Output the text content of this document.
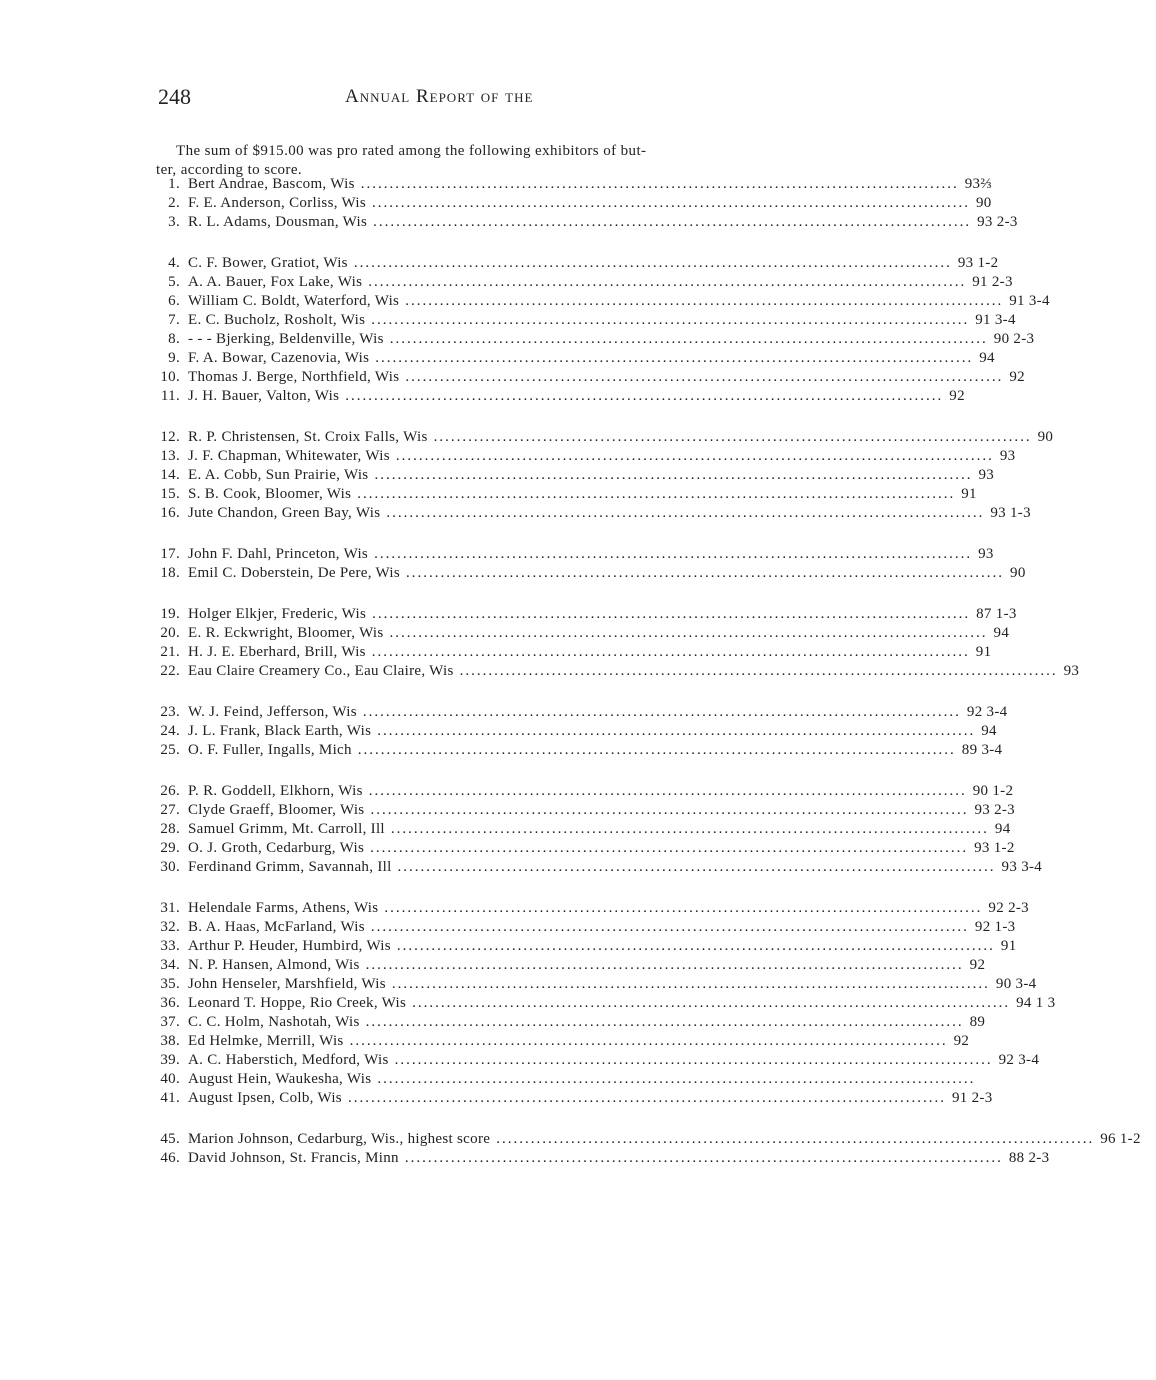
248	Annual Report of the
The sum of $915.00 was pro rated among the following exhibitors of but-
ter, according to score.
1. Bert Andrae, Bascom, Wis ........................................................................................................ 93⅔
2. F. E. Anderson, Corliss, Wis ........................................................................................................ 90
3. R. L. Adams, Dousman, Wis ........................................................................................................ 93 2-3
4. C. F. Bower, Gratiot, Wis ........................................................................................................ 93 1-2
5. A. A. Bauer, Fox Lake, Wis ........................................................................................................ 91 2-3
6. William C. Boldt, Waterford, Wis ........................................................................................................ 91 3-4
7. E. C. Bucholz, Rosholt, Wis ........................................................................................................ 91 3-4
8. - - - Bjerking, Beldenville, Wis ........................................................................................................ 90 2-3
9. F. A. Bowar, Cazenovia, Wis ........................................................................................................ 94
10. Thomas J. Berge, Northfield, Wis ........................................................................................................ 92
11. J. H. Bauer, Valton, Wis ........................................................................................................ 92
12. R. P. Christensen, St. Croix Falls, Wis ........................................................................................................ 90
13. J. F. Chapman, Whitewater, Wis ........................................................................................................ 93
14. E. A. Cobb, Sun Prairie, Wis ........................................................................................................ 93
15. S. B. Cook, Bloomer, Wis ........................................................................................................ 91
16. Jute Chandon, Green Bay, Wis ........................................................................................................ 93 1-3
17. John F. Dahl, Princeton, Wis ........................................................................................................ 93
18. Emil C. Doberstein, De Pere, Wis ........................................................................................................ 90
19. Holger Elkjer, Frederic, Wis ........................................................................................................ 87 1-3
20. E. R. Eckwright, Bloomer, Wis ........................................................................................................ 94
21. H. J. E. Eberhard, Brill, Wis ........................................................................................................ 91
22. Eau Claire Creamery Co., Eau Claire, Wis ........................................................................................................ 93
23. W. J. Feind, Jefferson, Wis ........................................................................................................ 92 3-4
24. J. L. Frank, Black Earth, Wis ........................................................................................................ 94
25. O. F. Fuller, Ingalls, Mich ........................................................................................................ 89 3-4
26. P. R. Goddell, Elkhorn, Wis ........................................................................................................ 90 1-2
27. Clyde Graeff, Bloomer, Wis ........................................................................................................ 93 2-3
28. Samuel Grimm, Mt. Carroll, Ill ........................................................................................................ 94
29. O. J. Groth, Cedarburg, Wis ........................................................................................................ 93 1-2
30. Ferdinand Grimm, Savannah, Ill ........................................................................................................ 93 3-4
31. Helendale Farms, Athens, Wis ........................................................................................................ 92 2-3
32. B. A. Haas, McFarland, Wis ........................................................................................................ 92 1-3
33. Arthur P. Heuder, Humbird, Wis ........................................................................................................ 91
34. N. P. Hansen, Almond, Wis ........................................................................................................ 92
35. John Henseler, Marshfield, Wis ........................................................................................................ 90 3-4
36. Leonard T. Hoppe, Rio Creek, Wis ........................................................................................................ 94 1 3
37. C. C. Holm, Nashotah, Wis ........................................................................................................ 89
38. Ed Helmke, Merrill, Wis ........................................................................................................ 92
39. A. C. Haberstich, Medford, Wis ........................................................................................................ 92 3-4
40. August Hein, Waukesha, Wis ........................................................................................................
41. August Ipsen, Colb, Wis ........................................................................................................ 91 2-3
45. Marion Johnson, Cedarburg, Wis., highest score ........................................................................................................ 96 1-2
46. David Johnson, St. Francis, Minn ........................................................................................................ 88 2-3
